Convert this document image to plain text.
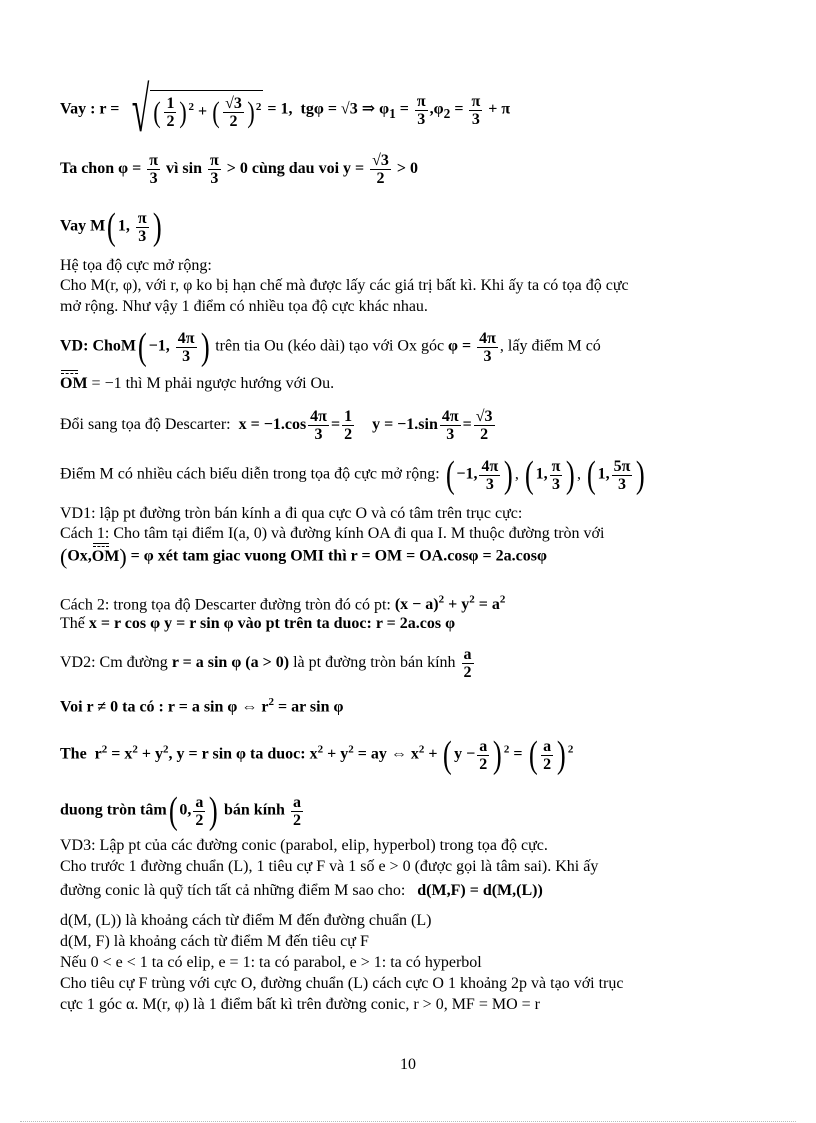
Vay : r = √ ( $\frac{1}{2} )^2$ + ( $\frac{√3}{2} )^2 = 1$, tgφ = √3 ⇒ $\varphi_1 = \frac{\pi}{3} ,\varphi_2 = \frac{\pi}{3} + \pi$
Ta chon $\varphi = \frac{\pi}{3}$ vì $\sin \frac{\pi}{3} > 0$ cùng dau voi $y = \frac{√3}{2} > 0$
Vay M( 1, $\frac{\pi}{3}$ )
Hệ tọa độ cực mở rộng:
Cho M(r, φ), với r, φ ko bị hạn chế mà được lấy các giá trị bất kì. Khi ấy ta có tọa độ cực
mở rộng. Như vậy 1 điểm có nhiều tọa độ cực khác nhau.
VD: ChoM( −1, $\frac{4\pi}{3}$ ) trên tia Ou (kéo dài) tạo với Ox góc $\varphi = \frac{4\pi}{3}$ , lấy điểm M có
OM = −1 thì M phải ngược hướng với Ou.
Đổi sang tọa độ Descarter: $x = -1.\cos \frac{4\pi}{3} = \frac{1}{2}$ $y = -1.\sin \frac{4\pi}{3} = \frac{√3}{2}$
Điểm M có nhiều cách biểu diễn trong tọa độ cực mở rộng: ( −1, $\frac{4\pi}{3}$ ) , ( 1, $\frac{\pi}{3}$ ) , ( 1, $\frac{5\pi}{3}$ )
VD1: lập pt đường tròn bán kính a đi qua cực O và có tâm trên trục cực:
Cách 1: Cho tâm tại điểm I(a, 0) và đường kính OA đi qua I. M thuộc đường tròn với
(Ox,OM) = φ xét tam giac vuong OMI thì r = OM = OA.cosφ = 2a.cosφ
Cách 2: trong tọa độ Descarter đường tròn đó có pt: $(x - a)^2 + y^2 = a^2$
Thế x = r cos φ y = r sin φ vào pt trên ta duoc: r = 2a.cos φ
VD2: Cm đường r = a sin φ (a > 0) là pt đường tròn bán kính $\frac{a}{2}$
Voi r ≠ 0 ta có : r = a sin φ ⇔ $r^2$ = ar sin φ
The $r^2 = x^2 + y^2$, y = r sin φ ta duoc: $x^2 + y^2$ = ay ⇔ $x^2$ + ( $y - \frac{a}{2}$ ) $^2$ = ( $\frac{a}{2}$ ) $^2$
duong tròn tâm( 0, $\frac{a}{2}$ ) bán kính $\frac{a}{2}$
VD3: Lập pt của các đường conic (parabol, elip, hyperbol) trong tọa độ cực.
Cho trước 1 đường chuẩn (L), 1 tiêu cự F và 1 số e > 0 (được gọi là tâm sai). Khi ấy
đường conic là quỹ tích tất cả những điểm M sao cho: d(M,F) = d(M,(L))
d(M, (L)) là khoảng cách từ điểm M đến đường chuẩn (L)
d(M, F) là khoảng cách từ điểm M đến tiêu cự F
Nếu 0 < e < 1 ta có elip, e = 1: ta có parabol, e > 1: ta có hyperbol
Cho tiêu cự F trùng với cực O, đường chuẩn (L) cách cực O 1 khoảng 2p và tạo với trục
cực 1 góc α. M(r, φ) là 1 điểm bất kì trên đường conic, r > 0, MF = MO = r
10
